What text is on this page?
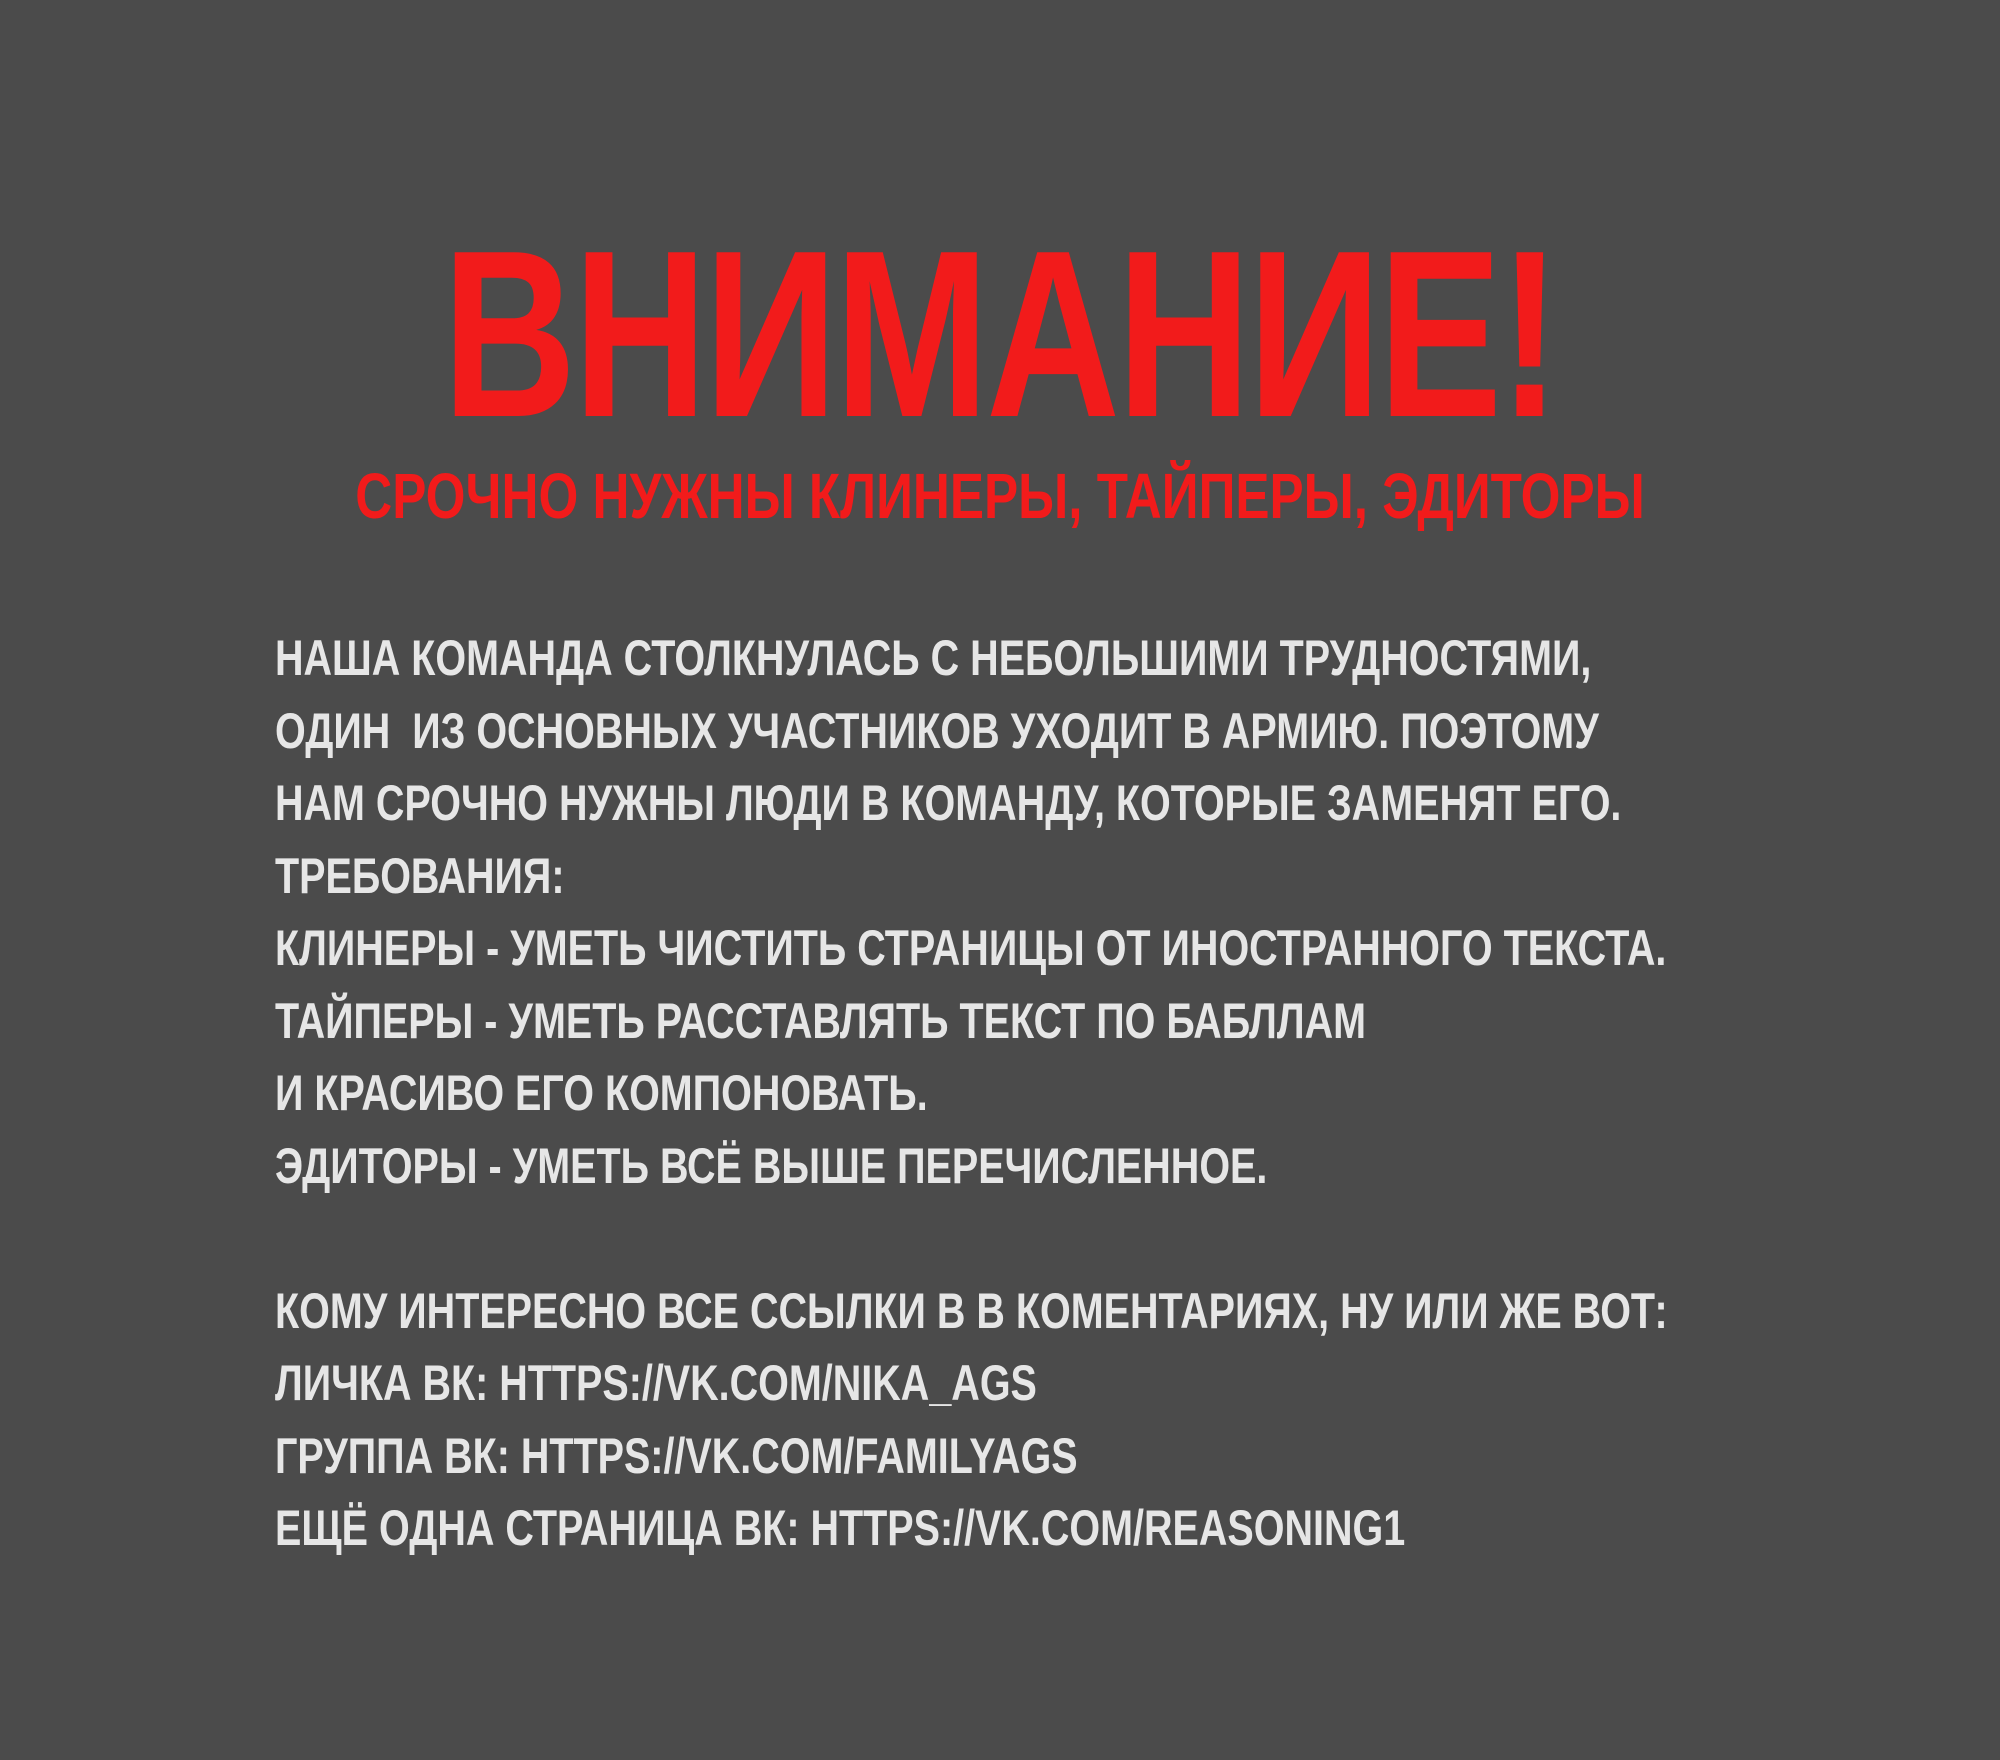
ВНИМАНИЕ!
СРОЧНО НУЖНЫ КЛИНЕРЫ, ТАЙПЕРЫ, ЭДИТОРЫ
НАША КОМАНДА СТОЛКНУЛАСЬ С НЕБОЛЬШИМИ ТРУДНОСТЯМИ,
ОДИН  ИЗ ОСНОВНЫХ УЧАСТНИКОВ УХОДИТ В АРМИЮ. ПОЭТОМУ
НАМ СРОЧНО НУЖНЫ ЛЮДИ В КОМАНДУ, КОТОРЫЕ ЗАМЕНЯТ ЕГО.
ТРЕБОВАНИЯ:
КЛИНЕРЫ - УМЕТЬ ЧИСТИТЬ СТРАНИЦЫ ОТ ИНОСТРАННОГО ТЕКСТА.
ТАЙПЕРЫ - УМЕТЬ РАССТАВЛЯТЬ ТЕКСТ ПО БАБЛЛАМ
И КРАСИВО ЕГО КОМПОНОВАТЬ.
ЭДИТОРЫ - УМЕТЬ ВСЁ ВЫШЕ ПЕРЕЧИСЛЕННОЕ.
КОМУ ИНТЕРЕСНО ВСЕ ССЫЛКИ В В КОМЕНТАРИЯХ, НУ ИЛИ ЖЕ ВОТ:
ЛИЧКА ВК: HTTPS://VK.COM/NIKA_AGS
ГРУППА ВК: HTTPS://VK.COM/FAMILYAGS
ЕЩЁ ОДНА СТРАНИЦА ВК: HTTPS://VK.COM/REASONING1
